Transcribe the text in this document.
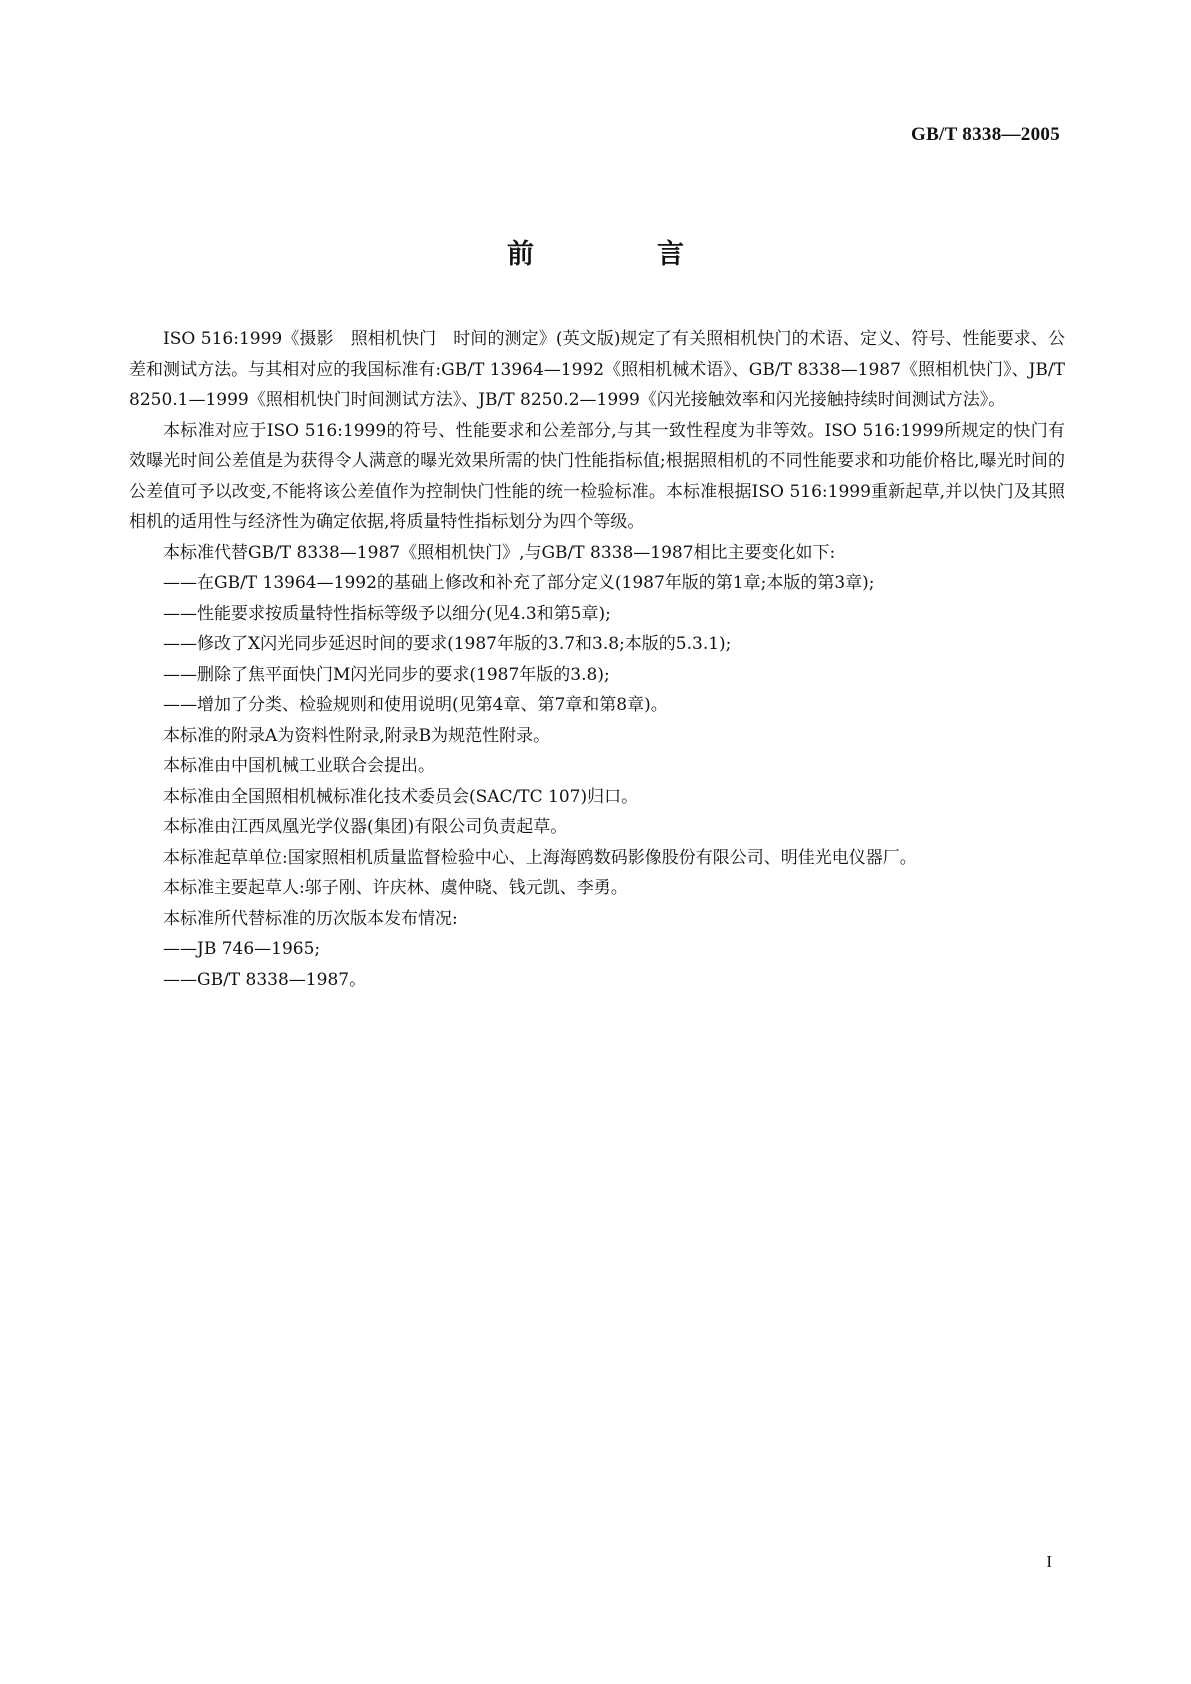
GB/T 8338—2005
前　言

ISO 516:1999《摄影　照相机快门　时间的测定》(英文版)规定了有关照相机快门的术语、定义、符号、性能要求、公差和测试方法。与其相对应的我国标准有:GB/T 13964—1992《照相机械术语》、GB/T 8338—1987《照相机快门》、JB/T 8250.1—1999《照相机快门时间测试方法》、JB/T 8250.2—1999《闪光接触效率和闪光接触持续时间测试方法》。

本标准对应于ISO 516:1999的符号、性能要求和公差部分,与其一致性程度为非等效。ISO 516:1999所规定的快门有效曝光时间公差值是为获得令人满意的曝光效果所需的快门性能指标值;根据照相机的不同性能要求和功能价格比,曝光时间的公差值可予以改变,不能将该公差值作为控制快门性能的统一检验标准。本标准根据ISO 516:1999重新起草,并以快门及其照相机的适用性与经济性为确定依据,将质量特性指标划分为四个等级。

本标准代替GB/T 8338—1987《照相机快门》,与GB/T 8338—1987相比主要变化如下:

——在GB/T 13964—1992的基础上修改和补充了部分定义(1987年版的第1章;本版的第3章);

——性能要求按质量特性指标等级予以细分(见4.3和第5章);

——修改了X闪光同步延迟时间的要求(1987年版的3.7和3.8;本版的5.3.1);

——删除了焦平面快门M闪光同步的要求(1987年版的3.8);

——增加了分类、检验规则和使用说明(见第4章、第7章和第8章)。

本标准的附录A为资料性附录,附录B为规范性附录。

本标准由中国机械工业联合会提出。

本标准由全国照相机械标准化技术委员会(SAC/TC 107)归口。

本标准由江西凤凰光学仪器(集团)有限公司负责起草。

本标准起草单位:国家照相机质量监督检验中心、上海海鸥数码影像股份有限公司、明佳光电仪器厂。

本标准主要起草人:邬子刚、许庆林、虞仲晓、钱元凯、李勇。

本标准所代替标准的历次版本发布情况:

——JB 746—1965;

——GB/T 8338—1987。

I
